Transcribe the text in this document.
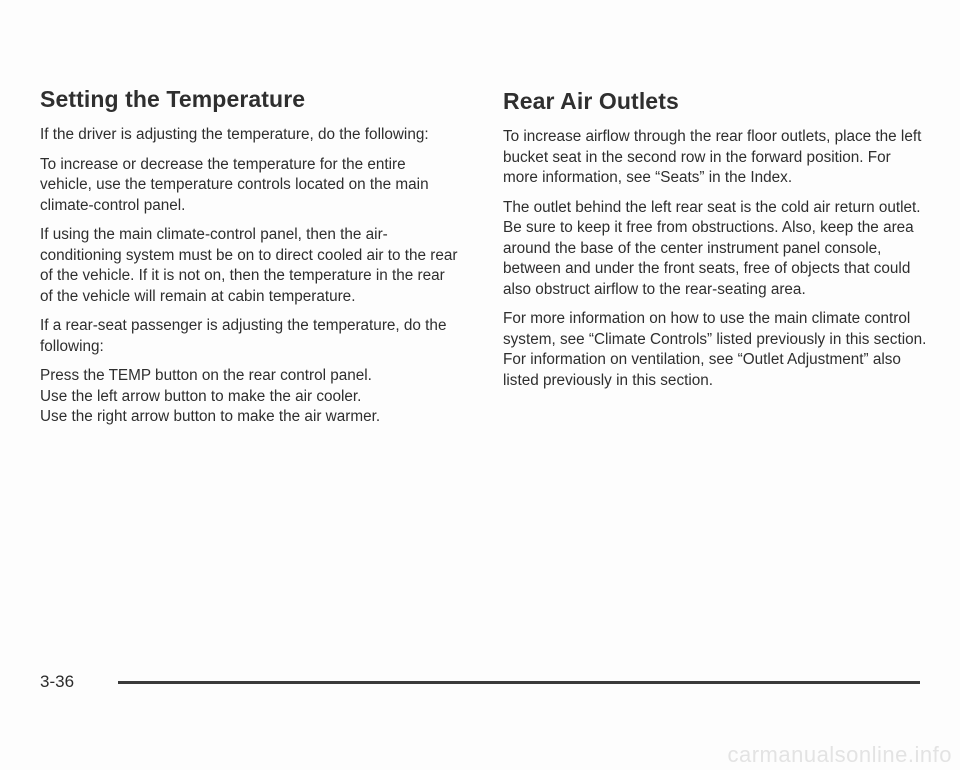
Setting the Temperature

If the driver is adjusting the temperature, do the following:

To increase or decrease the temperature for the entire vehicle, use the temperature controls located on the main climate-control panel.

If using the main climate-control panel, then the air-conditioning system must be on to direct cooled air to the rear of the vehicle. If it is not on, then the temperature in the rear of the vehicle will remain at cabin temperature.

If a rear-seat passenger is adjusting the temperature, do the following:

Press the TEMP button on the rear control panel.

Use the left arrow button to make the air cooler.

Use the right arrow button to make the air warmer.

Rear Air Outlets

To increase airflow through the rear floor outlets, place the left bucket seat in the second row in the forward position. For more information, see “Seats” in the Index.

The outlet behind the left rear seat is the cold air return outlet. Be sure to keep it free from obstructions. Also, keep the area around the base of the center instrument panel console, between and under the front seats, free of objects that could also obstruct airflow to the rear-seating area.

For more information on how to use the main climate control system, see “Climate Controls” listed previously in this section. For information on ventilation, see “Outlet Adjustment” also listed previously in this section.

3-36
carmanualsonline.info
